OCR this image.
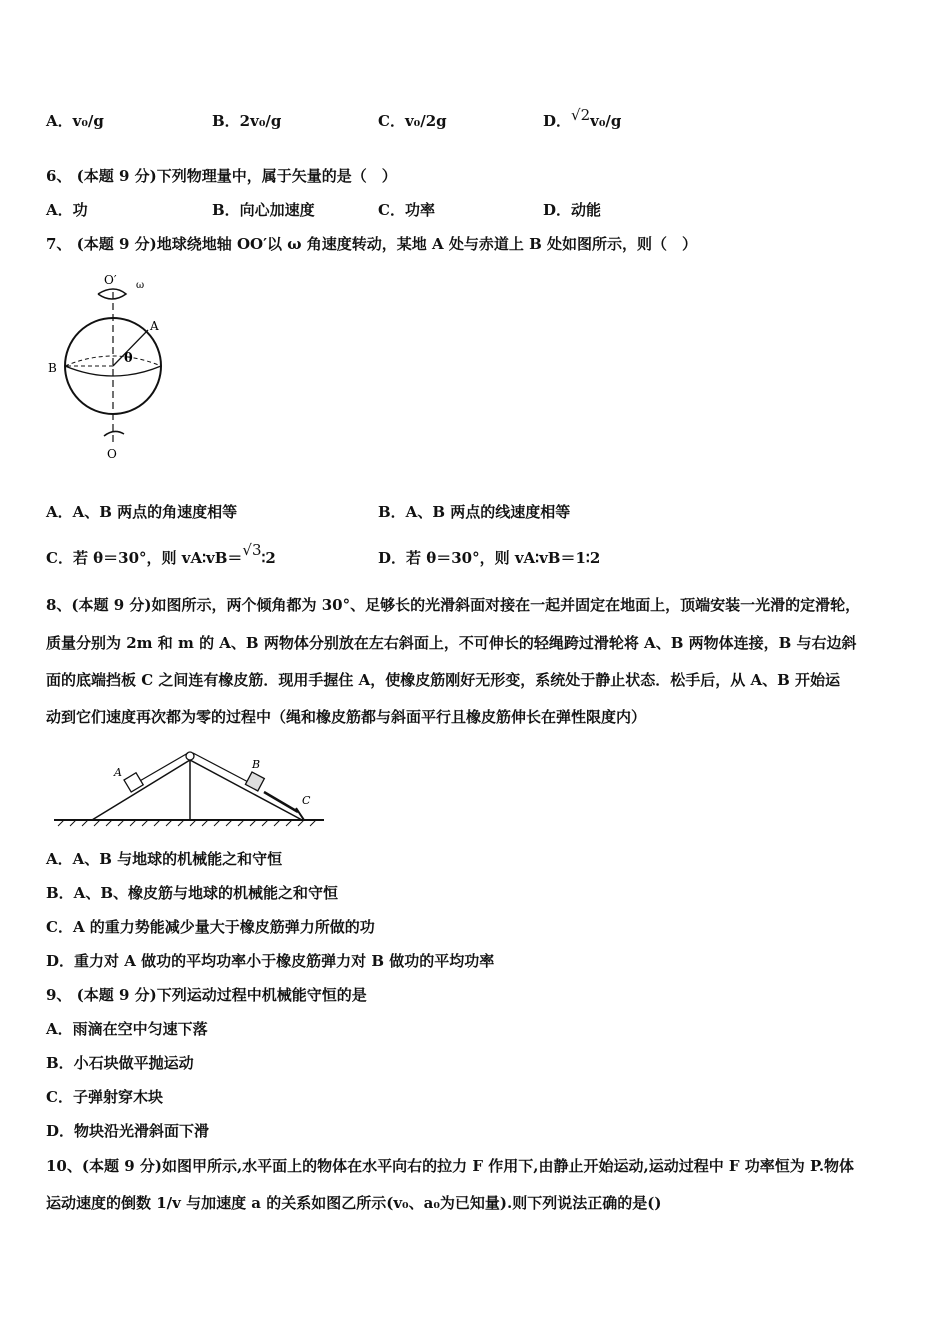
A．v₀/g	B．2v₀/g	C．v₀/2g	D．√2v₀/g
6、 (本题 9 分)下列物理量中，属于矢量的是（　）
A．功	B．向心加速度	C．功率	D．动能
7、 (本题 9 分)地球绕地轴 OO′以 ω 角速度转动，某地 A 处与赤道上 B 处如图所示，则（　）
O′ ω
A
B
θ
O
A．A、B 两点的角速度相等	B．A、B 两点的线速度相等
C．若 θ＝30°，则 vA∶vB＝√3∶2	D．若 θ＝30°，则 vA∶vB＝1∶2
8、(本题 9 分)如图所示，两个倾角都为 30°、足够长的光滑斜面对接在一起并固定在地面上，顶端安装一光滑的定滑轮，
质量分别为 2m 和 m 的 A、B 两物体分别放在左右斜面上，不可伸长的轻绳跨过滑轮将 A、B 两物体连接，B 与右边斜
面的底端挡板 C 之间连有橡皮筋．现用手握住 A，使橡皮筋刚好无形变，系统处于静止状态．松手后，从 A、B 开始运
动到它们速度再次都为零的过程中（绳和橡皮筋都与斜面平行且橡皮筋伸长在弹性限度内）
A
B
C
A．A、B 与地球的机械能之和守恒
B．A、B、橡皮筋与地球的机械能之和守恒
C．A 的重力势能减少量大于橡皮筋弹力所做的功
D．重力对 A 做功的平均功率小于橡皮筋弹力对 B 做功的平均功率
9、 (本题 9 分)下列运动过程中机械能守恒的是
A．雨滴在空中匀速下落
B．小石块做平抛运动
C．子弹射穿木块
D．物块沿光滑斜面下滑
10、(本题 9 分)如图甲所示,水平面上的物体在水平向右的拉力 F 作用下,由静止开始运动,运动过程中 F 功率恒为 P.物体
运动速度的倒数 1/v 与加速度 a 的关系如图乙所示(v₀、a₀为已知量).则下列说法正确的是()
